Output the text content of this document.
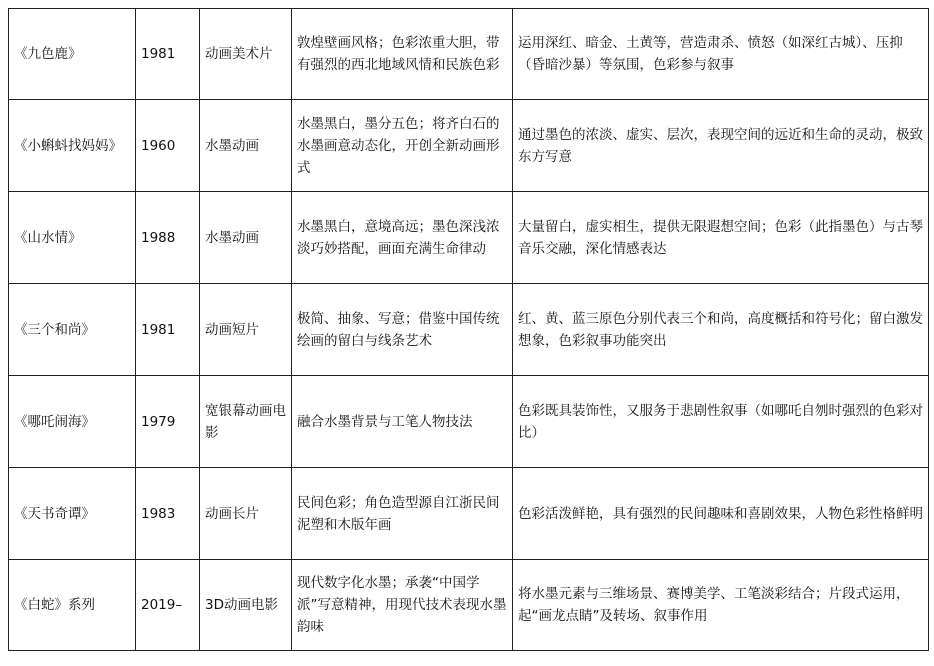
《九色鹿》	1981	动画美术片	敦煌壁画风格；色彩浓重大胆，带有强烈的西北地域风情和民族色彩	运用深红、暗金、土黄等，营造肃杀、愤怒（如深红古城）、压抑（昏暗沙暴）等氛围，色彩参与叙事
《小蝌蚪找妈妈》	1960	水墨动画	水墨黑白，墨分五色；将齐白石的水墨画意动态化，开创全新动画形式	通过墨色的浓淡、虚实、层次，表现空间的远近和生命的灵动，极致东方写意
《山水情》	1988	水墨动画	水墨黑白，意境高远；墨色深浅浓淡巧妙搭配，画面充满生命律动	大量留白，虚实相生，提供无限遐想空间；色彩（此指墨色）与古琴音乐交融，深化情感表达
《三个和尚》	1981	动画短片	极简、抽象、写意；借鉴中国传统绘画的留白与线条艺术	红、黄、蓝三原色分别代表三个和尚，高度概括和符号化；留白激发想象，色彩叙事功能突出
《哪吒闹海》	1979	宽银幕动画电影	融合水墨背景与工笔人物技法	色彩既具装饰性，又服务于悲剧性叙事（如哪吒自刎时强烈的色彩对比）
《天书奇谭》	1983	动画长片	民间色彩；角色造型源自江浙民间泥塑和木版年画	色彩活泼鲜艳，具有强烈的民间趣味和喜剧效果，人物色彩性格鲜明
《白蛇》系列	2019–	3D动画电影	现代数字化水墨；承袭“中国学派”写意精神，用现代技术表现水墨韵味	将水墨元素与三维场景、赛博美学、工笔淡彩结合；片段式运用，起“画龙点睛”及转场、叙事作用
